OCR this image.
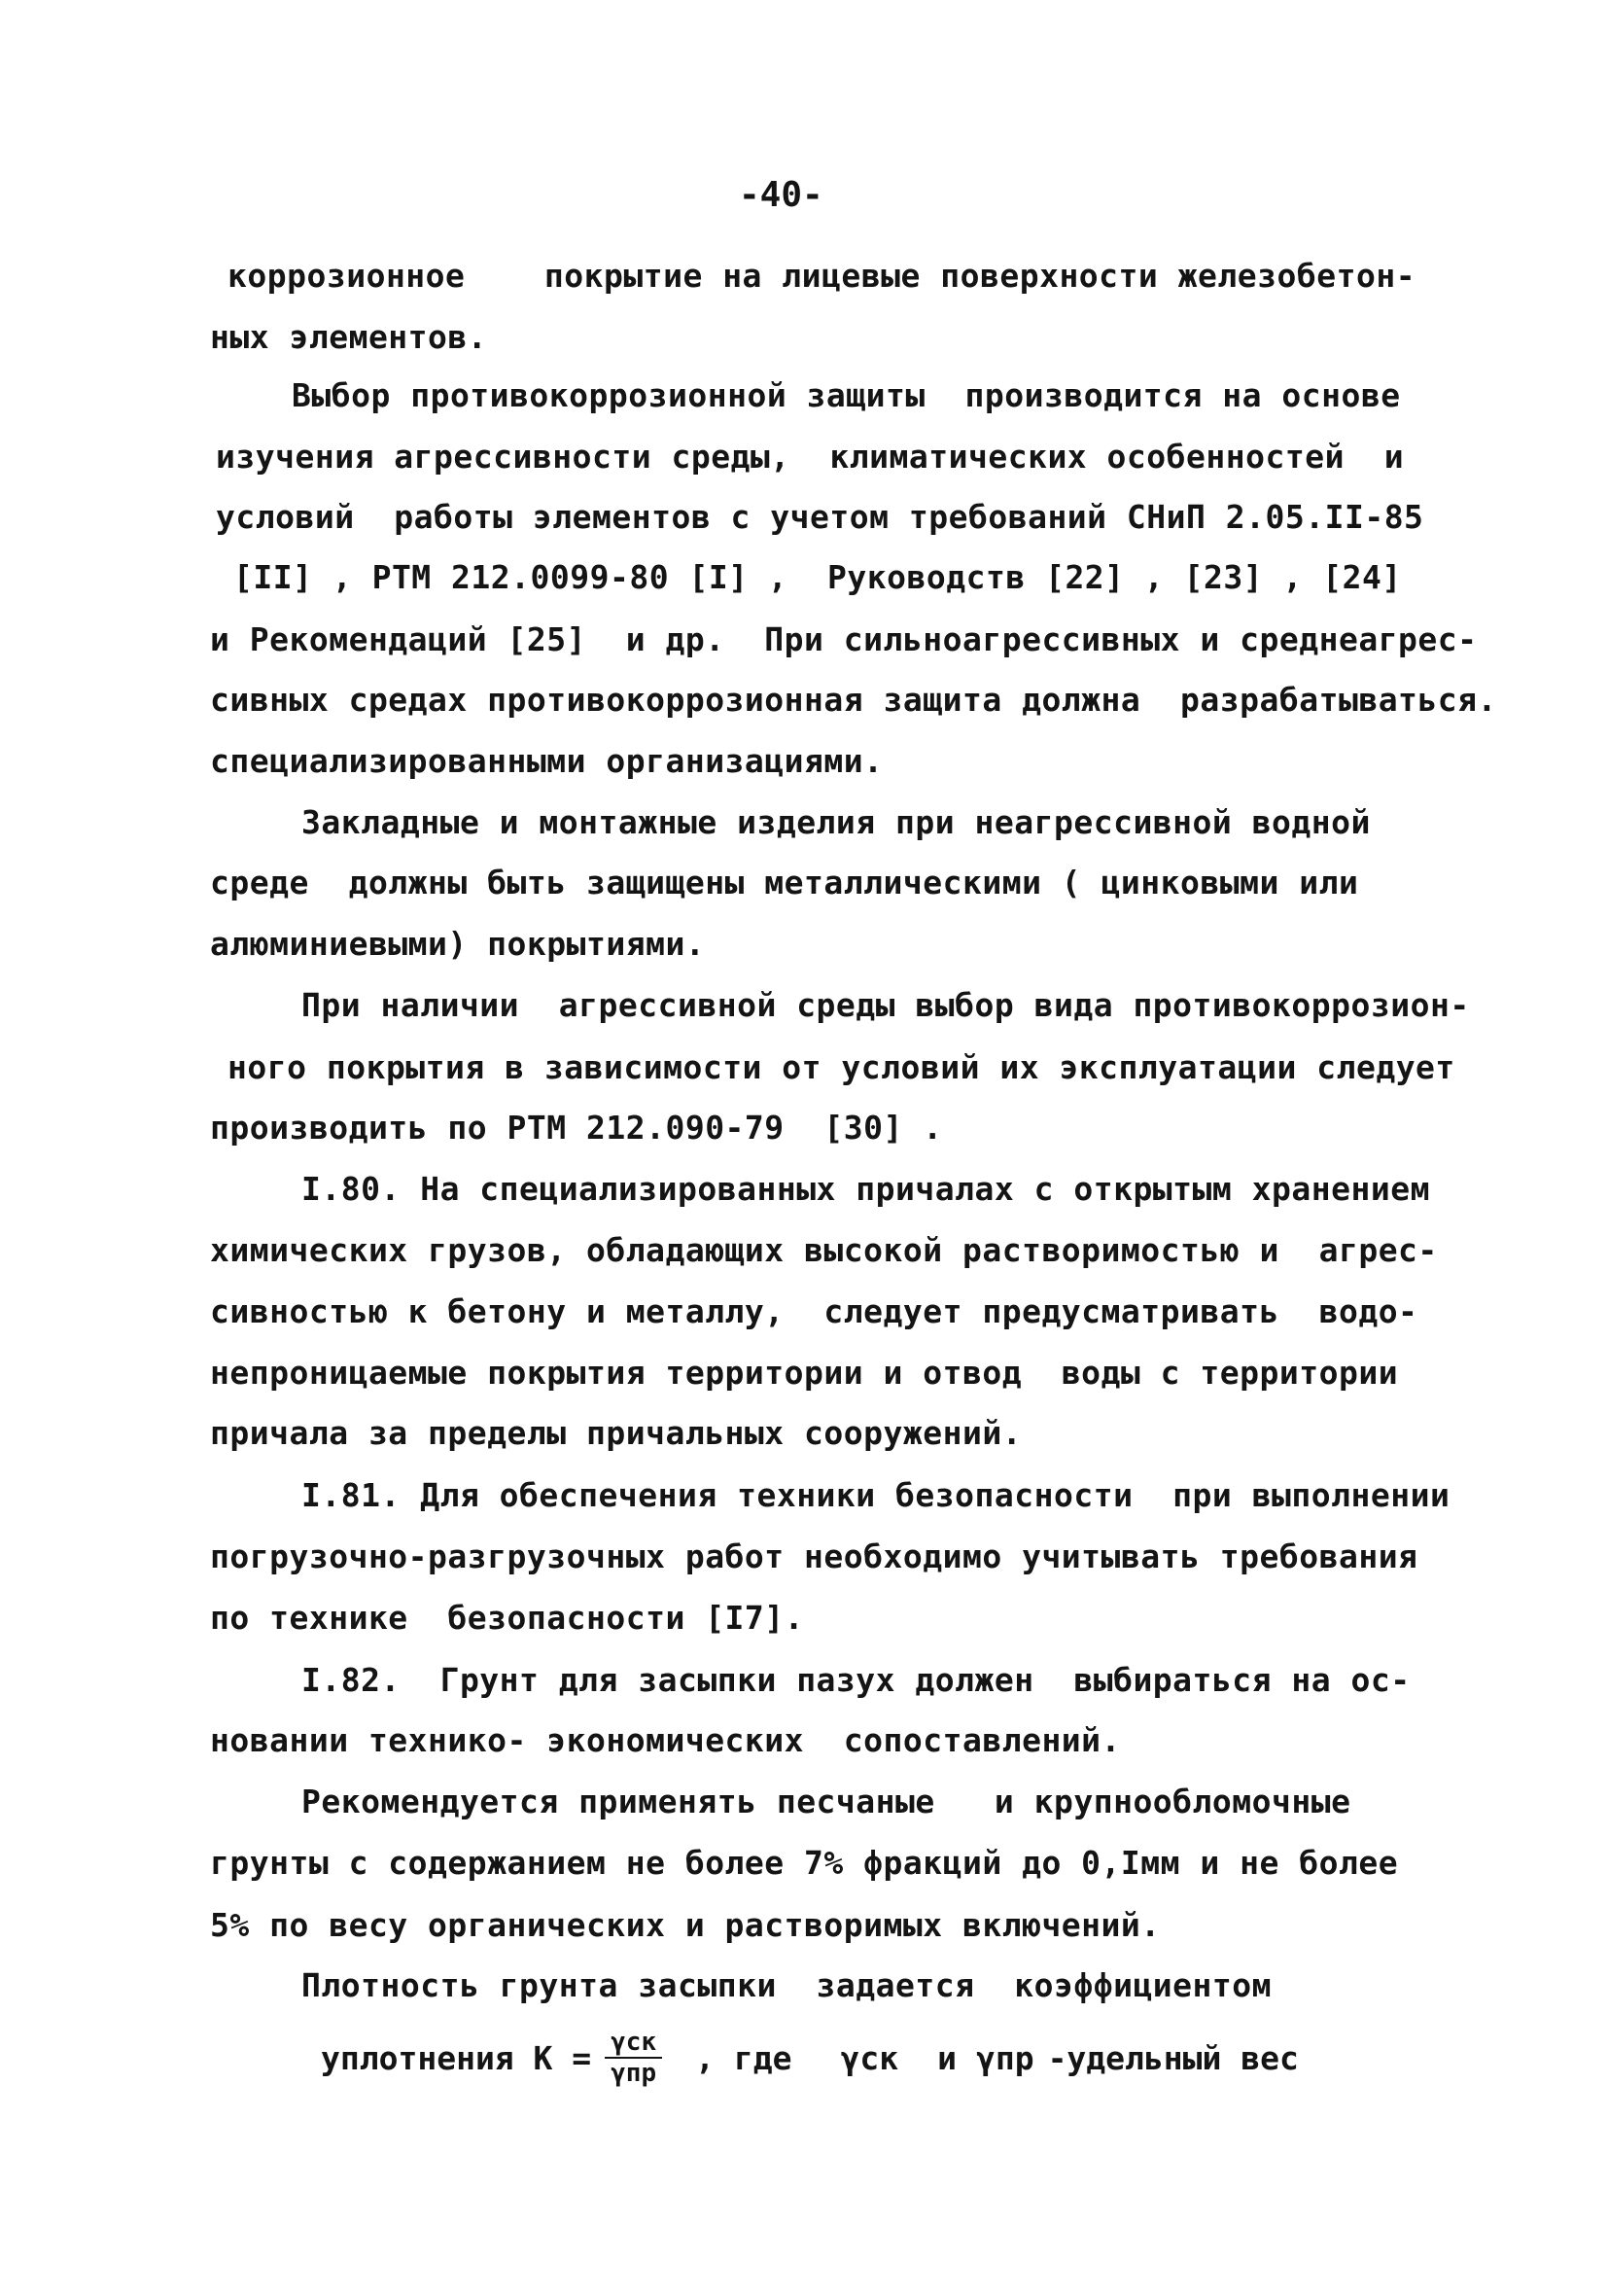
-40-
коррозионное    покрытие на лицевые поверхности железобетон-
ных элементов.
Выбор противокоррозионной защиты  производится на основе
изучения агрессивности среды,  климатических особенностей  и
условий  работы элементов с учетом требований СНиП 2.05.II-85
[II] , РТМ 212.0099-80 [I] ,  Руководств [22] , [23] , [24]
и Рекомендаций [25]  и др.  При сильноагрессивных и среднеагрес-
сивных средах противокоррозионная защита должна  разрабатываться.
специализированными организациями.
Закладные и монтажные изделия при неагрессивной водной
среде  должны быть защищены металлическими ( цинковыми или
алюминиевыми) покрытиями.
При наличии  агрессивной среды выбор вида противокоррозион-
ного покрытия в зависимости от условий их эксплуатации следует
производить по РТМ 212.090-79  [30] .
I.80. На специализированных причалах с открытым хранением
химических грузов, обладающих высокой растворимостью и  агрес-
сивностью к бетону и металлу,  следует предусматривать  водо-
непроницаемые покрытия территории и отвод  воды с территории
причала за пределы причальных сооружений.
I.81. Для обеспечения техники безопасности  при выполнении
погрузочно-разгрузочных работ необходимо учитывать требования
по технике  безопасности [I7].
I.82.  Грунт для засыпки пазух должен  выбираться на ос-
новании технико- экономических  сопоставлений.
Рекомендуется применять песчаные   и крупнообломочные
грунты с содержанием не более 7% фракций до 0,Iмм и не более
5% по весу органических и растворимых включений.
Плотность грунта засыпки  задается  коэффициентом
уплотнения $K = \frac{\text{γск}}{\text{γпр}}$ , где γск и γпр -удельный вес
